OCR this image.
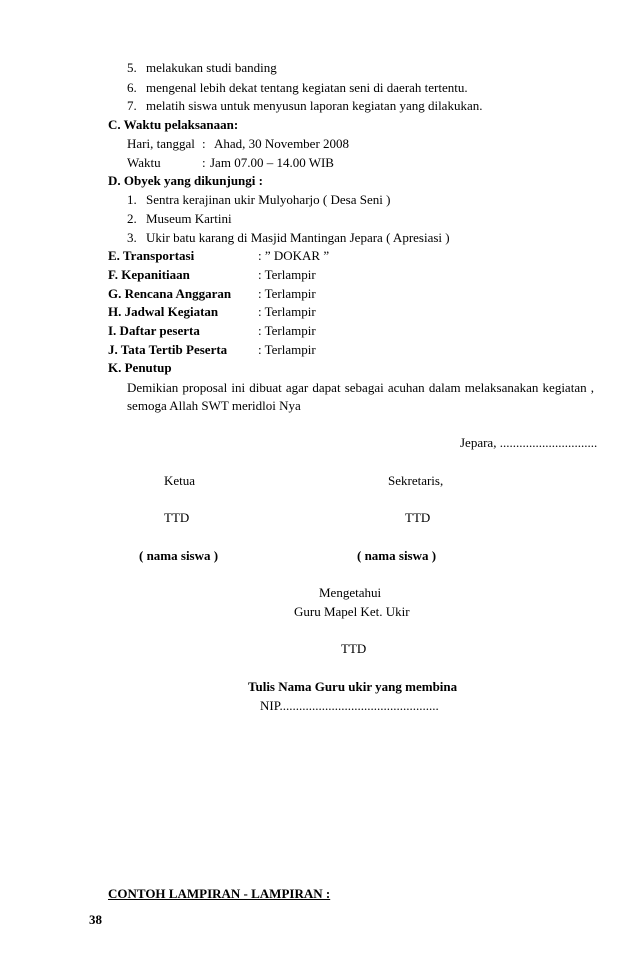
5. melakukan studi banding
6. mengenal lebih dekat tentang kegiatan seni di daerah tertentu.
7. melatih siswa untuk menyusun laporan kegiatan yang dilakukan.
C. Waktu pelaksanaan:
Hari, tanggal : Ahad, 30 November 2008
Waktu	: Jam 07.00 – 14.00 WIB
D. Obyek yang dikunjungi :
1. Sentra kerajinan ukir Mulyoharjo ( Desa Seni )
2. Museum Kartini
3. Ukir batu karang di Masjid Mantingan Jepara ( Apresiasi )
E. Transportasi	: ” DOKAR ”
F. Kepanitiaan	: Terlampir
G. Rencana Anggaran : Terlampir
H. Jadwal Kegiatan	: Terlampir
I. Daftar peserta	: Terlampir
J. Tata Tertib Peserta : Terlampir
K. Penutup
Demikian proposal ini dibuat agar dapat sebagai acuhan dalam melaksanakan kegiatan ,
semoga Allah SWT meridloi Nya
Jepara, ..............................
Ketua	Sekretaris,
TTD	TTD
( nama siswa )	( nama siswa )
Mengetahui
Guru Mapel Ket. Ukir
TTD
Tulis Nama Guru ukir yang membina
NIP.................................................
CONTOH LAMPIRAN - LAMPIRAN :
38
